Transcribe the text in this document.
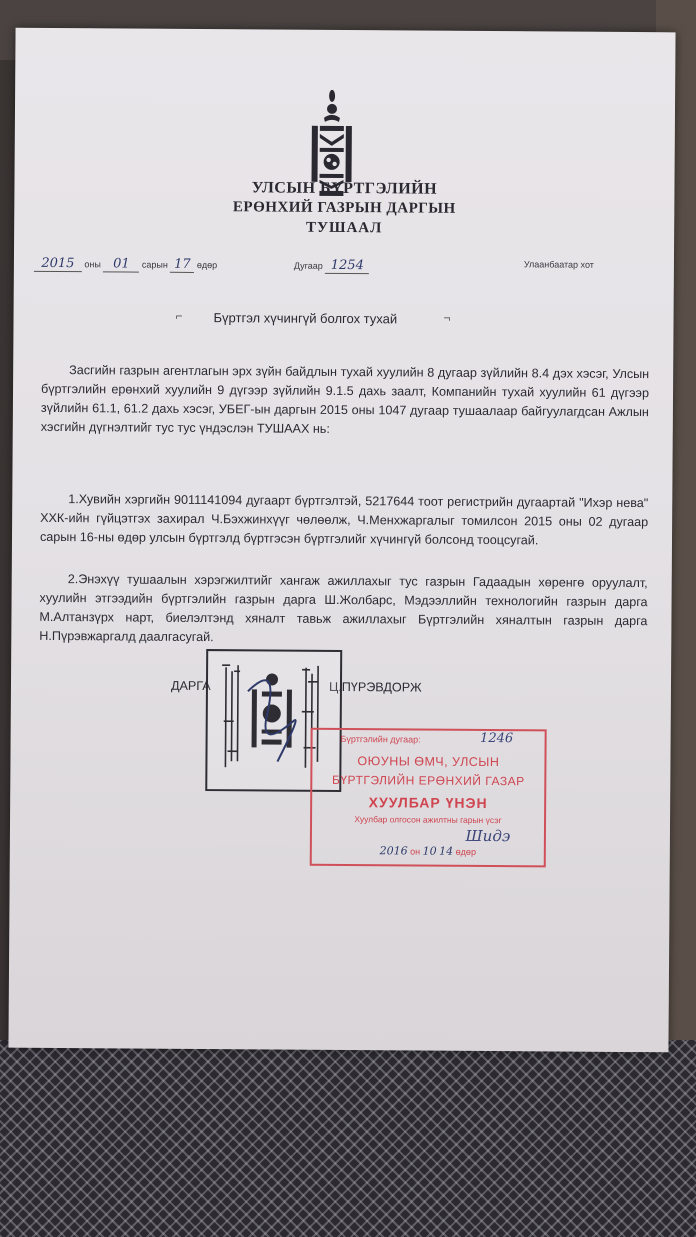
УЛСЫН БҮРТГЭЛИЙН
ЕРӨНХИЙ ГАЗРЫН ДАРГЫН
ТУШААЛ
2015 оны 01 сарын 17 өдөр	Дугаар 1254	Улаанбаатар хот
⌐ Бүртгэл хүчингүй болгох тухай	¬
Засгийн газрын агентлагын эрх зүйн байдлын тухай хуулийн 8 дугаар зүйлийн 8.4 дэх хэсэг, Улсын бүртгэлийн ерөнхий хуулийн 9 дүгээр зүйлийн 9.1.5 дахь заалт, Компанийн тухай хуулийн 61 дүгээр зүйлийн 61.1, 61.2 дахь хэсэг, УБЕГ-ын даргын 2015 оны 1047 дугаар тушаалаар байгуулагдсан Ажлын хэсгийн дүгнэлтийг тус тус үндэслэн ТУШААХ нь:
1.Хувийн хэргийн 9011141094 дугаарт бүртгэлтэй, 5217644 тоот регистрийн дугаартай "Ихэр нева" ХХК-ийн гүйцэтгэх захирал Ч.Бэхжинхүүг чөлөөлж, Ч.Менхжаргалыг томилсон 2015 оны 02 дугаар сарын 16-ны өдөр улсын бүртгэлд бүртгэсэн бүртгэлийг хүчингүй болсонд тооцсугай.
2.Энэхүү тушаалын хэрэгжилтийг хангаж ажиллахыг тус газрын Гадаадын хөренгө оруулалт, хуулийн этгээдийн бүртгэлийн газрын дарга Ш.Жолбарс, Мэдээллийн технологийн газрын дарга М.Алтанзүрх нарт, биелэлтэнд хяналт тавьж ажиллахыг Бүртгэлийн хяналтын газрын дарга Н.Пүрэвжаргалд даалгасугай.
ДАРГА	Ц.ПҮРЭВДОРЖ
Бүртгэлийн дугаар:	1246
ОЮУНЫ ӨМЧ, УЛСЫН
БҮРТГЭЛИЙН ЕРӨНХИЙ ГАЗАР
ХУУЛБАР ҮНЭН
Хуулбар олгосон ажилтны гарын үсэг
Шидэ
2016 он 10 14 өдөр
